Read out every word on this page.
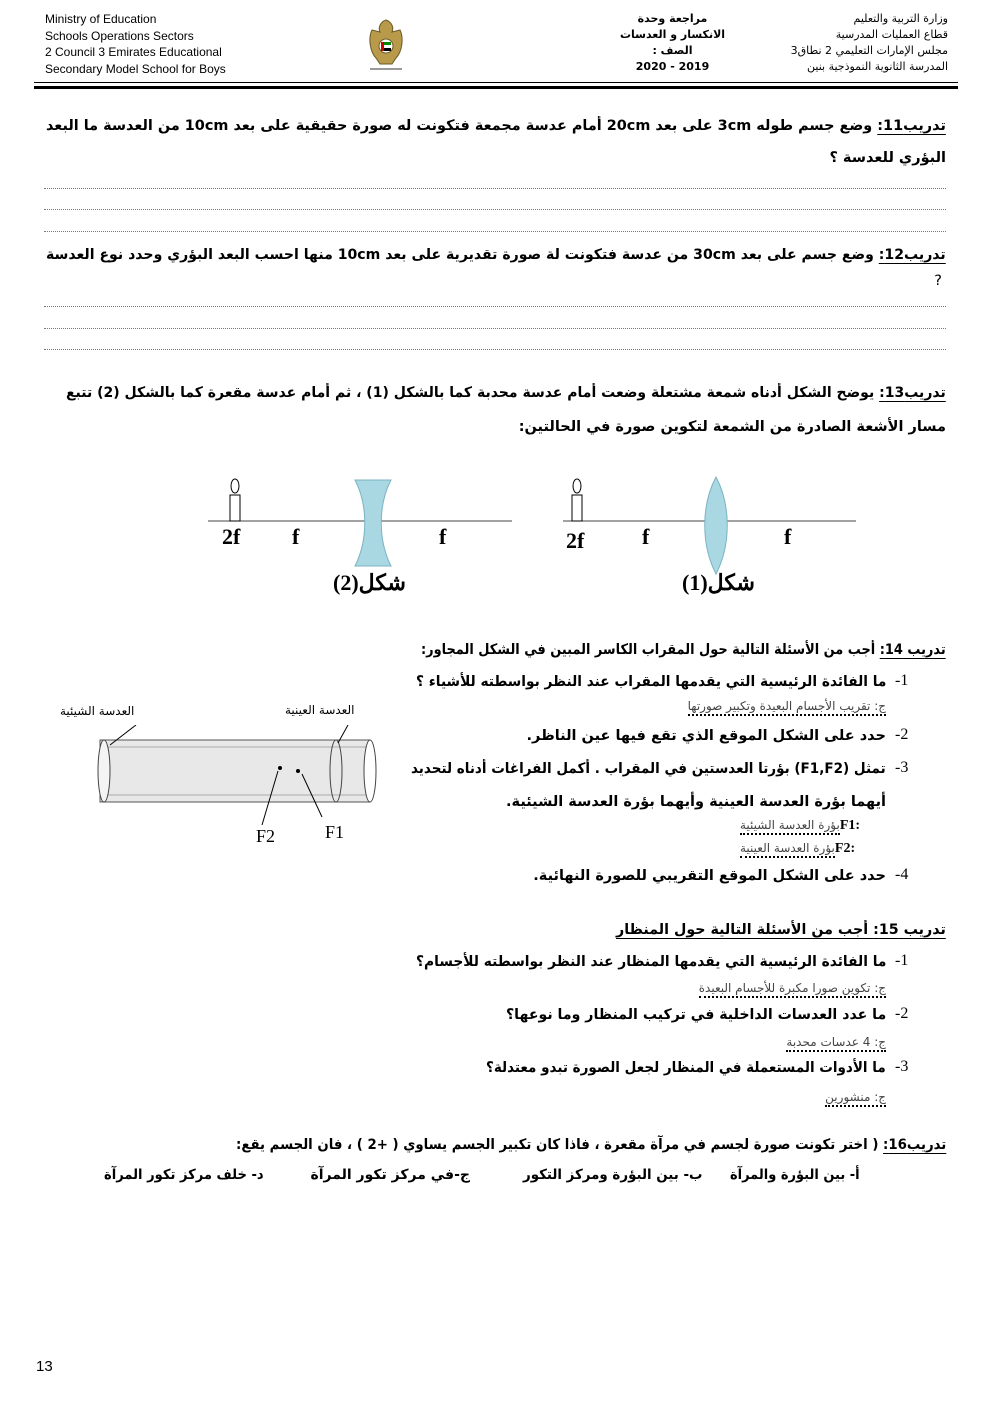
Ministry of Education
Schools Operations Sectors
2 Council 3 Emirates Educational
Secondary Model School for Boys
مراجعة وحدة
الانكسار و العدسات
الصف :
2020 - 2019
وزارة التربية والتعليم
قطاع العمليات المدرسية
مجلس الإمارات التعليمي 2 نطاق3
المدرسة الثانوية النموذجية بنين
تدريب11: وضع جسم طوله 3cm على بعد 20cm أمام عدسة مجمعة فتكونت له صورة حقيقية على بعد 10cm من العدسة ما البعد
البؤري للعدسة ؟
تدريب12: وضع جسم على بعد 30cm من عدسة فتكونت لة صورة تقديرية على بعد 10cm منها احسب البعد البؤري وحدد نوع العدسة
?
تدريب13: يوضح الشكل أدناه شمعة مشتعلة وضعت أمام عدسة محدبة كما بالشكل (1) ، ثم أمام عدسة مقعرة كما بالشكل (2) تتبع
مسار الأشعة الصادرة من الشمعة لتكوين صورة في الحالتين:
2f f	f
شكل(2)
2f	f	f
شكل(1)
تدريب 14: أجب من الأسئلة التالية حول المقراب الكاسر المبين في الشكل المجاور:
ما الفائدة الرئيسية التي يقدمها المقراب عند النظر بواسطته للأشياء ؟ -1
ج: تقريب الأجسام البعيدة وتكبير صورتها
حدد على الشكل الموقع الذي تقع فيها عين الناظر. -2
تمثل (F1,F2) بؤرتا العدستين في المقراب . أكمل الفراغات أدناه لتحديد -3
أيهما بؤرة العدسة العينية وأيهما بؤرة العدسة الشيئية.
بؤرة العدسة الشيئيةF1:
بؤرة العدسة العينيةF2:
حدد على الشكل الموقع التقريبي للصورة النهائية. -4
العدسة الشيئية	العدسة العينية
F2	F1
تدريب 15: أجب من الأسئلة التالية حول المنظار
ما الفائدة الرئيسية التي يقدمها المنظار عند النظر بواسطته للأجسام؟ -1
ج: تكوين صورا مكبرة للأجسام البعيدة
ما عدد العدسات الداخلية في تركيب المنظار وما نوعها؟ -2
ج: 4 عدسات محدبة
ما الأدوات المستعملة في المنظار لجعل الصورة تبدو معتدلة؟ -3
ج: منشورين
تدريب16: ( اختر تكونت صورة لجسم في مرآة مقعرة ، فاذا كان تكبير الجسم يساوي ( +2 ) ، فان الجسم يقع:
أ- بين البؤرة والمرآة
ب- بين البؤرة ومركز التكور
ج-في مركز تكور المرآة
د- خلف مركز تكور المرآة
13
